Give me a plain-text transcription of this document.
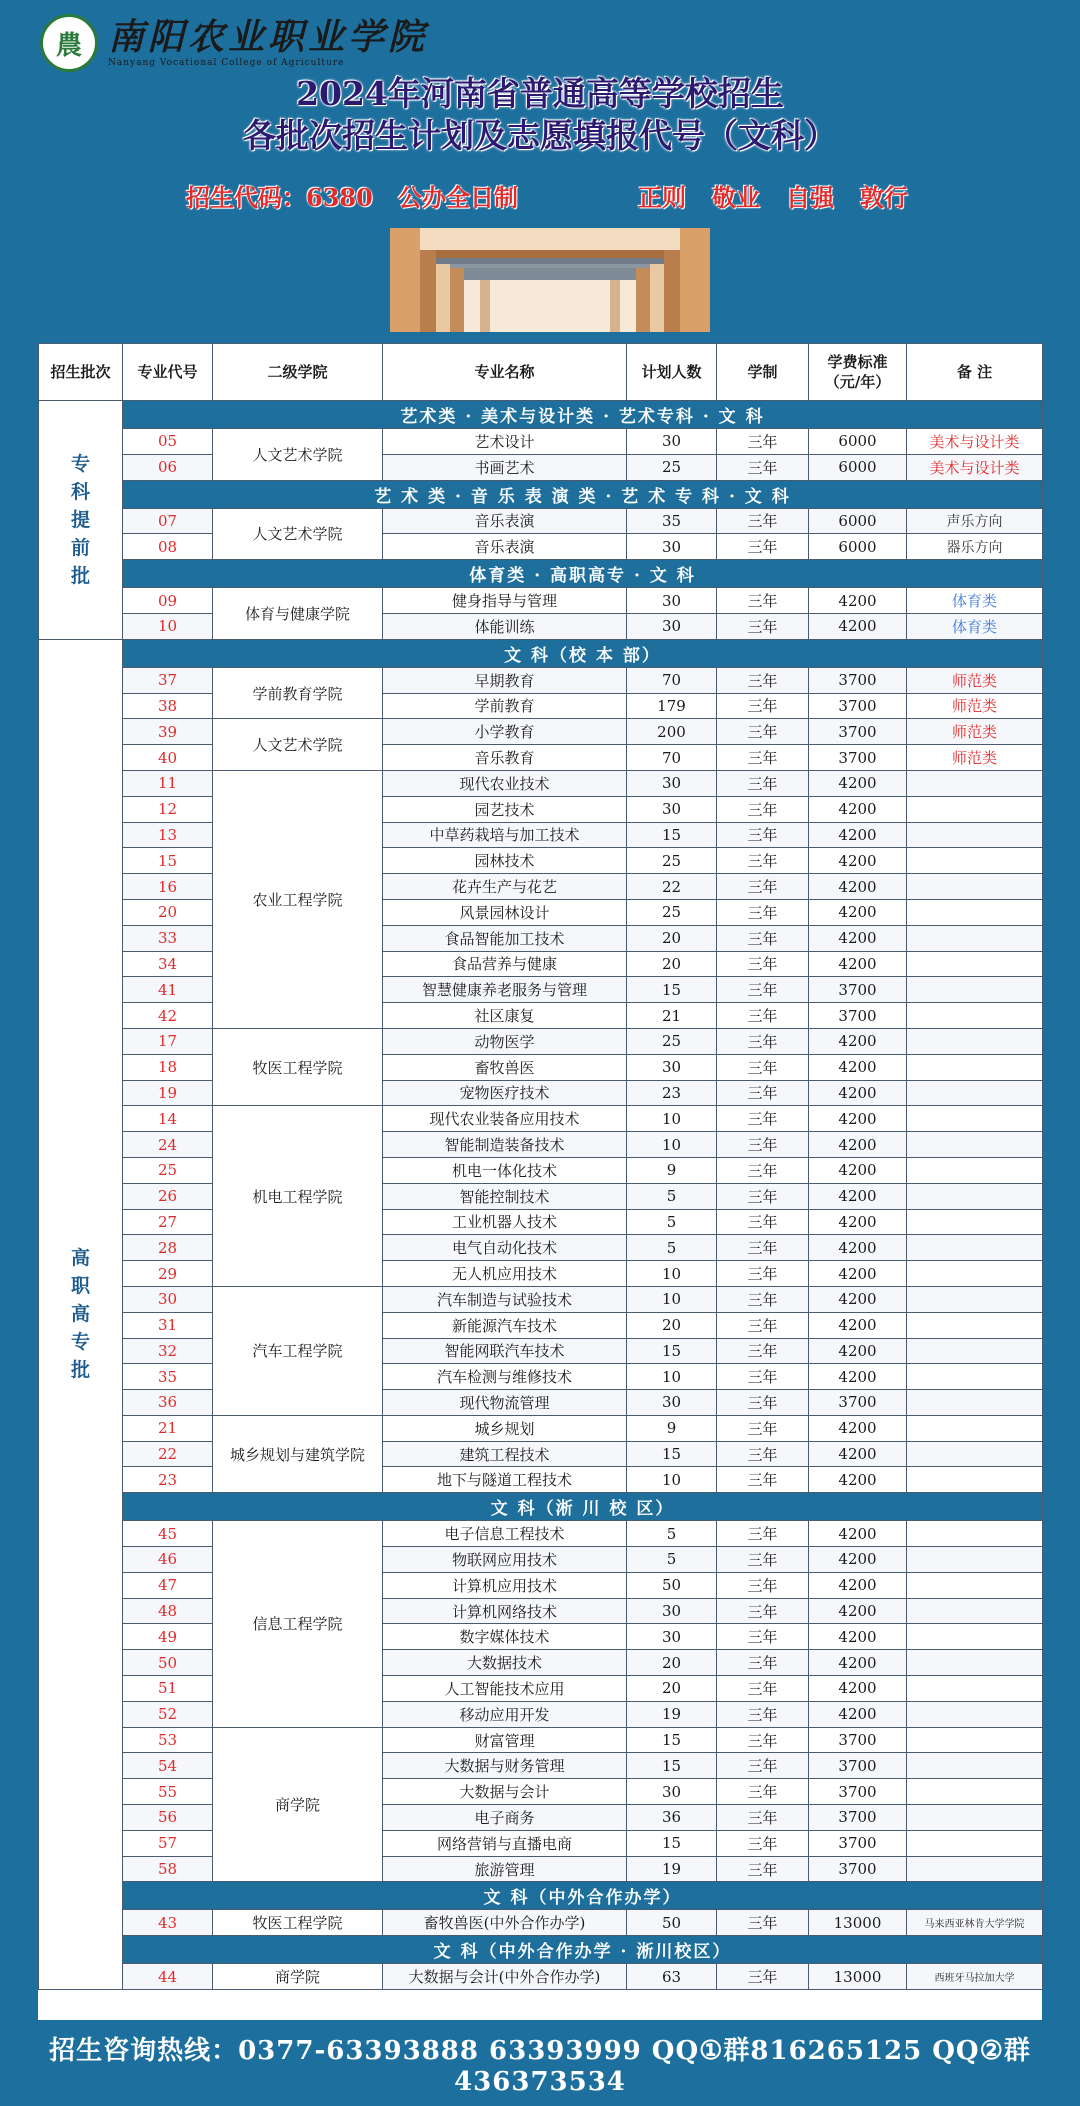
農 南阳农业职业学院
Nanyang Vocational College of Agriculture
2024年河南省普通高等学校招生
各批次招生计划及志愿填报代号（文科）
招生代码：6380 公办全日制	正则 敬业 自强 敦行
招生批次	专业代号	二级学院	专业名称	计划人数	学制	学费标准
（元/年）	备 注
专
科
提
前
批	艺术类 · 美术与设计类 · 艺术专科 · 文 科						
	05	人文艺术学院	艺术设计	30	三年	6000	美术与设计类
	06		书画艺术	25	三年	6000	美术与设计类
	艺 术 类 · 音 乐 表 演 类 · 艺 术 专 科 · 文 科						
	07	人文艺术学院	音乐表演	35	三年	6000	声乐方向
	08		音乐表演	30	三年	6000	器乐方向
	体育类 · 高职高专 · 文 科						
	09	体育与健康学院	健身指导与管理	30	三年	4200	体育类
	10		体能训练	30	三年	4200	体育类
高
职
高
专
批	文 科（校 本 部）						
	37	学前教育学院	早期教育	70	三年	3700	师范类
	38		学前教育	179	三年	3700	师范类
	39	人文艺术学院	小学教育	200	三年	3700	师范类
	40		音乐教育	70	三年	3700	师范类
	11	农业工程学院	现代农业技术	30	三年	4200	
	12		园艺技术	30	三年	4200	
	13		中草药栽培与加工技术	15	三年	4200	
	15		园林技术	25	三年	4200	
	16		花卉生产与花艺	22	三年	4200	
	20		风景园林设计	25	三年	4200	
	33		食品智能加工技术	20	三年	4200	
	34		食品营养与健康	20	三年	4200	
	41		智慧健康养老服务与管理	15	三年	3700	
	42		社区康复	21	三年	3700	
	17	牧医工程学院	动物医学	25	三年	4200	
	18		畜牧兽医	30	三年	4200	
	19		宠物医疗技术	23	三年	4200	
	14	机电工程学院	现代农业装备应用技术	10	三年	4200	
	24		智能制造装备技术	10	三年	4200	
	25		机电一体化技术	9	三年	4200	
	26		智能控制技术	5	三年	4200	
	27		工业机器人技术	5	三年	4200	
	28		电气自动化技术	5	三年	4200	
	29		无人机应用技术	10	三年	4200	
	30	汽车工程学院	汽车制造与试验技术	10	三年	4200	
	31		新能源汽车技术	20	三年	4200	
	32		智能网联汽车技术	15	三年	4200	
	35		汽车检测与维修技术	10	三年	4200	
	36		现代物流管理	30	三年	3700	
	21	城乡规划与建筑学院	城乡规划	9	三年	4200	
	22		建筑工程技术	15	三年	4200	
	23		地下与隧道工程技术	10	三年	4200	
	文 科（淅 川 校 区）						
	45	信息工程学院	电子信息工程技术	5	三年	4200	
	46		物联网应用技术	5	三年	4200	
	47		计算机应用技术	50	三年	4200	
	48		计算机网络技术	30	三年	4200	
	49		数字媒体技术	30	三年	4200	
	50		大数据技术	20	三年	4200	
	51		人工智能技术应用	20	三年	4200	
	52		移动应用开发	19	三年	4200	
	53	商学院	财富管理	15	三年	3700	
	54		大数据与财务管理	15	三年	3700	
	55		大数据与会计	30	三年	3700	
	56		电子商务	36	三年	3700	
	57		网络营销与直播电商	15	三年	3700	
	58		旅游管理	19	三年	3700	
	文 科（中外合作办学）						
	43	牧医工程学院	畜牧兽医(中外合作办学)	50	三年	13000	马来西亚林肯大学学院
	文 科（中外合作办学 · 淅川校区）						
	44	商学院	大数据与会计(中外合作办学)	63	三年	13000	西班牙马拉加大学
招生咨询热线：0377-63393888 63393999 QQ①群816265125 QQ②群436373534
